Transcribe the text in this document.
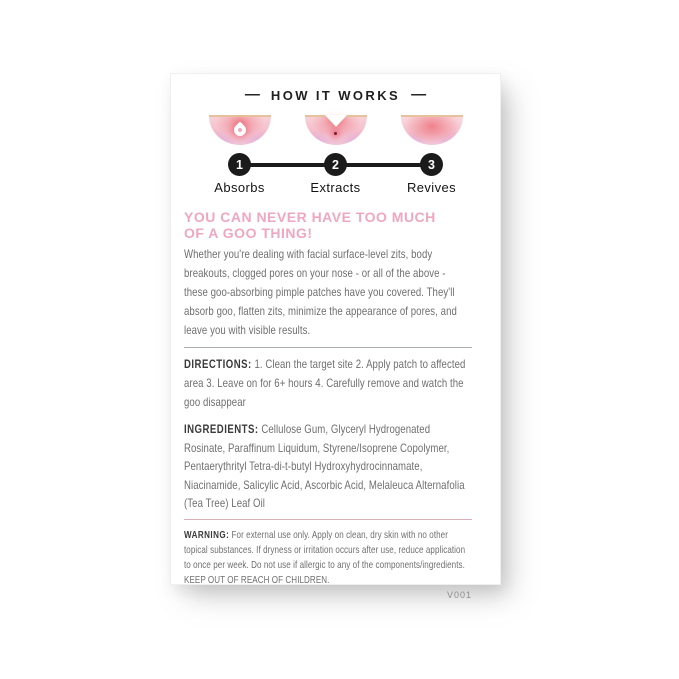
— HOW IT WORKS —
1
Absorbs
2
Extracts
3
Revives
YOU CAN NEVER HAVE TOO MUCH
OF A GOO THING!

Whether you're dealing with facial surface-level zits, body breakouts, clogged pores on your nose - or all of the above - these goo-absorbing pimple patches have you covered. They'll absorb goo, flatten zits, minimize the appearance of pores, and leave you with visible results.

DIRECTIONS: 1. Clean the target site 2. Apply patch to affected area 3. Leave on for 6+ hours 4. Carefully remove and watch the goo disappear

INGREDIENTS: Cellulose Gum, Glyceryl Hydrogenated Rosinate, Paraffinum Liquidum, Styrene/Isoprene Copolymer, Pentaerythrityl Tetra-di-t-butyl Hydroxyhydrocinnamate, Niacinamide, Salicylic Acid, Ascorbic Acid, Melaleuca Alternafolia (Tea Tree) Leaf Oil

WARNING: For external use only. Apply on clean, dry skin with no other topical substances. If dryness or irritation occurs after use, reduce application to once per week. Do not use if allergic to any of the components/ingredients. KEEP OUT OF REACH OF CHILDREN.

V001
